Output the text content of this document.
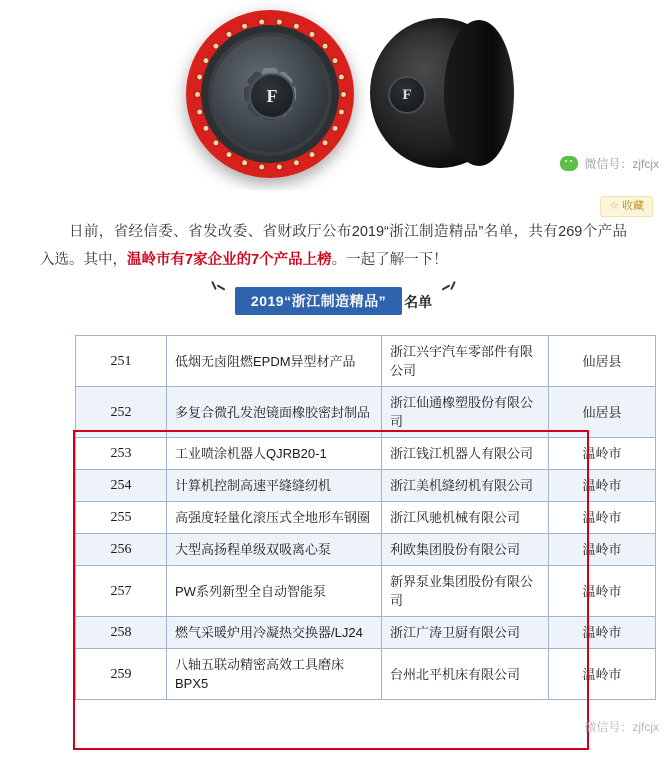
F
F
微信号：zjfcjx
☆ 收藏

日前，省经信委、省发改委、省财政厅公布2019“浙江制造精品”名单，共有269个产品入选。其中，温岭市有7家企业的7个产品上榜。一起了解一下！

2019“浙江制造精品” 名单
251	低烟无卤阻燃EPDM异型材产品	浙江兴宇汽车零部件有限公司	仙居县
252	多复合微孔发泡镜面橡胶密封制品	浙江仙通橡塑股份有限公司	仙居县
253	工业喷涂机器人QJRB20-1	浙江钱江机器人有限公司	温岭市
254	计算机控制高速平缝缝纫机	浙江美机缝纫机有限公司	温岭市
255	高强度轻量化滚压式全地形车钢圈	浙江风驰机械有限公司	温岭市
256	大型高扬程单级双吸离心泵	利欧集团股份有限公司	温岭市
257	PW系列新型全自动智能泵	新界泵业集团股份有限公司	温岭市
258	燃气采暖炉用冷凝热交换器/LJ24	浙江广涛卫厨有限公司	温岭市
259	八轴五联动精密高效工具磨床BPX5	台州北平机床有限公司	温岭市
微信号：zjfcjx
